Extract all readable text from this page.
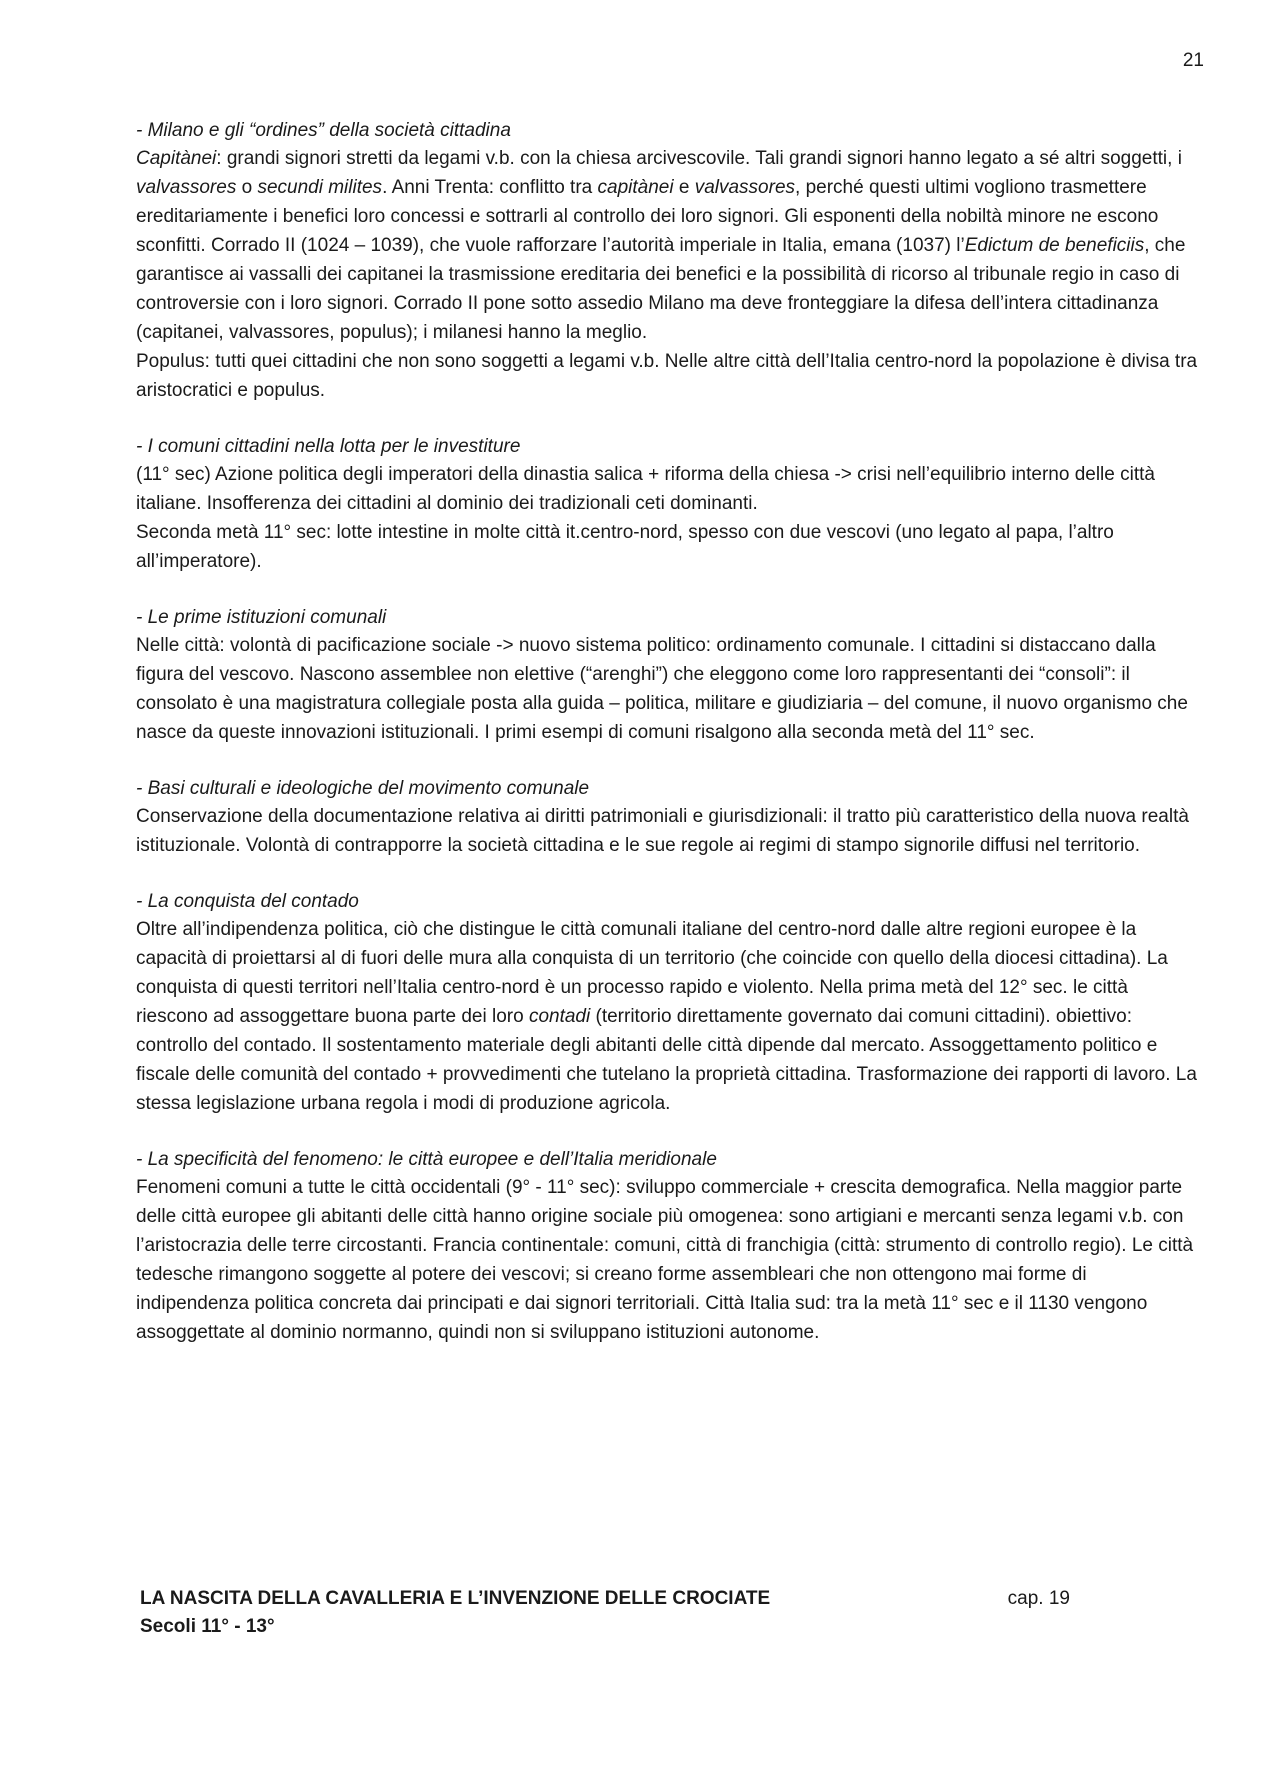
21
- Milano e gli “ordines” della società cittadina

Capitànei: grandi signori stretti da legami v.b. con la chiesa arcivescovile. Tali grandi signori hanno legato a sé altri soggetti, i valvassores o secundi milites. Anni Trenta: conflitto tra capitànei e valvassores, perché questi ultimi vogliono trasmettere ereditariamente i benefici loro concessi e sottrarli al controllo dei loro signori. Gli esponenti della nobiltà minore ne escono sconfitti. Corrado II (1024 – 1039), che vuole rafforzare l’autorità imperiale in Italia, emana (1037) l’Edictum de beneficiis, che garantisce ai vassalli dei capitanei la trasmissione ereditaria dei benefici e la possibilità di ricorso al tribunale regio in caso di controversie con i loro signori. Corrado II pone sotto assedio Milano ma deve fronteggiare la difesa dell’intera cittadinanza (capitanei, valvassores, populus); i milanesi hanno la meglio.

Populus: tutti quei cittadini che non sono soggetti a legami v.b. Nelle altre città dell’Italia centro-nord la popolazione è divisa tra aristocratici e populus.

- I comuni cittadini nella lotta per le investiture

(11° sec) Azione politica degli imperatori della dinastia salica + riforma della chiesa -> crisi nell’equilibrio interno delle città italiane. Insofferenza dei cittadini al dominio dei tradizionali ceti dominanti.

Seconda metà 11° sec: lotte intestine in molte città it.centro-nord, spesso con due vescovi (uno legato al papa, l’altro all’imperatore).

- Le prime istituzioni comunali

Nelle città: volontà di pacificazione sociale -> nuovo sistema politico: ordinamento comunale. I cittadini si distaccano dalla figura del vescovo. Nascono assemblee non elettive (“arenghi”) che eleggono come loro rappresentanti dei “consoli”: il consolato è una magistratura collegiale posta alla guida – politica, militare e giudiziaria – del comune, il nuovo organismo che nasce da queste innovazioni istituzionali. I primi esempi di comuni risalgono alla seconda metà del 11° sec.

- Basi culturali e ideologiche del movimento comunale

Conservazione della documentazione relativa ai diritti patrimoniali e giurisdizionali: il tratto più caratteristico della nuova realtà istituzionale. Volontà di contrapporre la società cittadina e le sue regole ai regimi di stampo signorile diffusi nel territorio.

- La conquista del contado

Oltre all’indipendenza politica, ciò che distingue le città comunali italiane del centro-nord dalle altre regioni europee è la capacità di proiettarsi al di fuori delle mura alla conquista di un territorio (che coincide con quello della diocesi cittadina). La conquista di questi territori nell’Italia centro-nord è un processo rapido e violento. Nella prima metà del 12° sec. le città riescono ad assoggettare buona parte dei loro contadi (territorio direttamente governato dai comuni cittadini). obiettivo: controllo del contado. Il sostentamento materiale degli abitanti delle città dipende dal mercato. Assoggettamento politico e fiscale delle comunità del contado + provvedimenti che tutelano la proprietà cittadina. Trasformazione dei rapporti di lavoro. La stessa legislazione urbana regola i modi di produzione agricola.

- La specificità del fenomeno: le città europee e dell’Italia meridionale

Fenomeni comuni a tutte le città occidentali (9° - 11° sec): sviluppo commerciale + crescita demografica. Nella maggior parte delle città europee gli abitanti delle città hanno origine sociale più omogenea: sono artigiani e mercanti senza legami v.b. con l’aristocrazia delle terre circostanti. Francia continentale: comuni, città di franchigia (città: strumento di controllo regio). Le città tedesche rimangono soggette al potere dei vescovi; si creano forme assembleari che non ottengono mai forme di indipendenza politica concreta dai principati e dai signori territoriali. Città Italia sud: tra la metà 11° sec e il 1130 vengono assoggettate al dominio normanno, quindi non si sviluppano istituzioni autonome.

LA NASCITA DELLA CAVALLERIA E L’INVENZIONE DELLE CROCIATE
Secoli 11° - 13°
cap. 19
